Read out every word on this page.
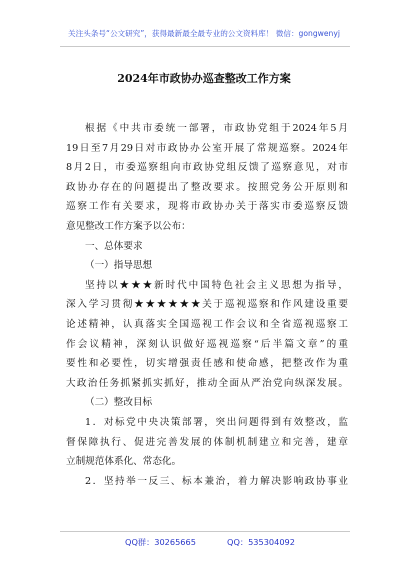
关注头条号“公文研究”，获得最新最全最专业的公文资料库！ 微信：gongwenyj
2024年市政协办巡查整改工作方案
根据《中共市委统一部署，市政协党组于2024年5月
19日至7月29日对市政协办公室开展了常规巡察。2024年
8月2日，市委巡察组向市政协党组反馈了巡察意见，对市
政协办存在的问题提出了整改要求。按照党务公开原则和
巡察工作有关要求，现将市政协办关于落实市委巡察反馈
意见整改工作方案予以公布：
一、总体要求
（一）指导思想
坚持以★★★新时代中国特色社会主义思想为指导，
深入学习贯彻★★★★★★关于巡视巡察和作风建设重要
论述精神，认真落实全国巡视工作会议和全省巡视巡察工
作会议精神，深刻认识做好巡视巡察“后半篇文章”的重
要性和必要性，切实增强责任感和使命感，把整改作为重
大政治任务抓紧抓实抓好，推动全面从严治党向纵深发展。
（二）整改目标
1．对标党中央决策部署，突出问题得到有效整改，监
督保障执行、促进完善发展的体制机制建立和完善，建章
立制规范体系化、常态化。
2．坚持举一反三、标本兼治，着力解决影响政协事业
QQ群：30265665	QQ：535304092
